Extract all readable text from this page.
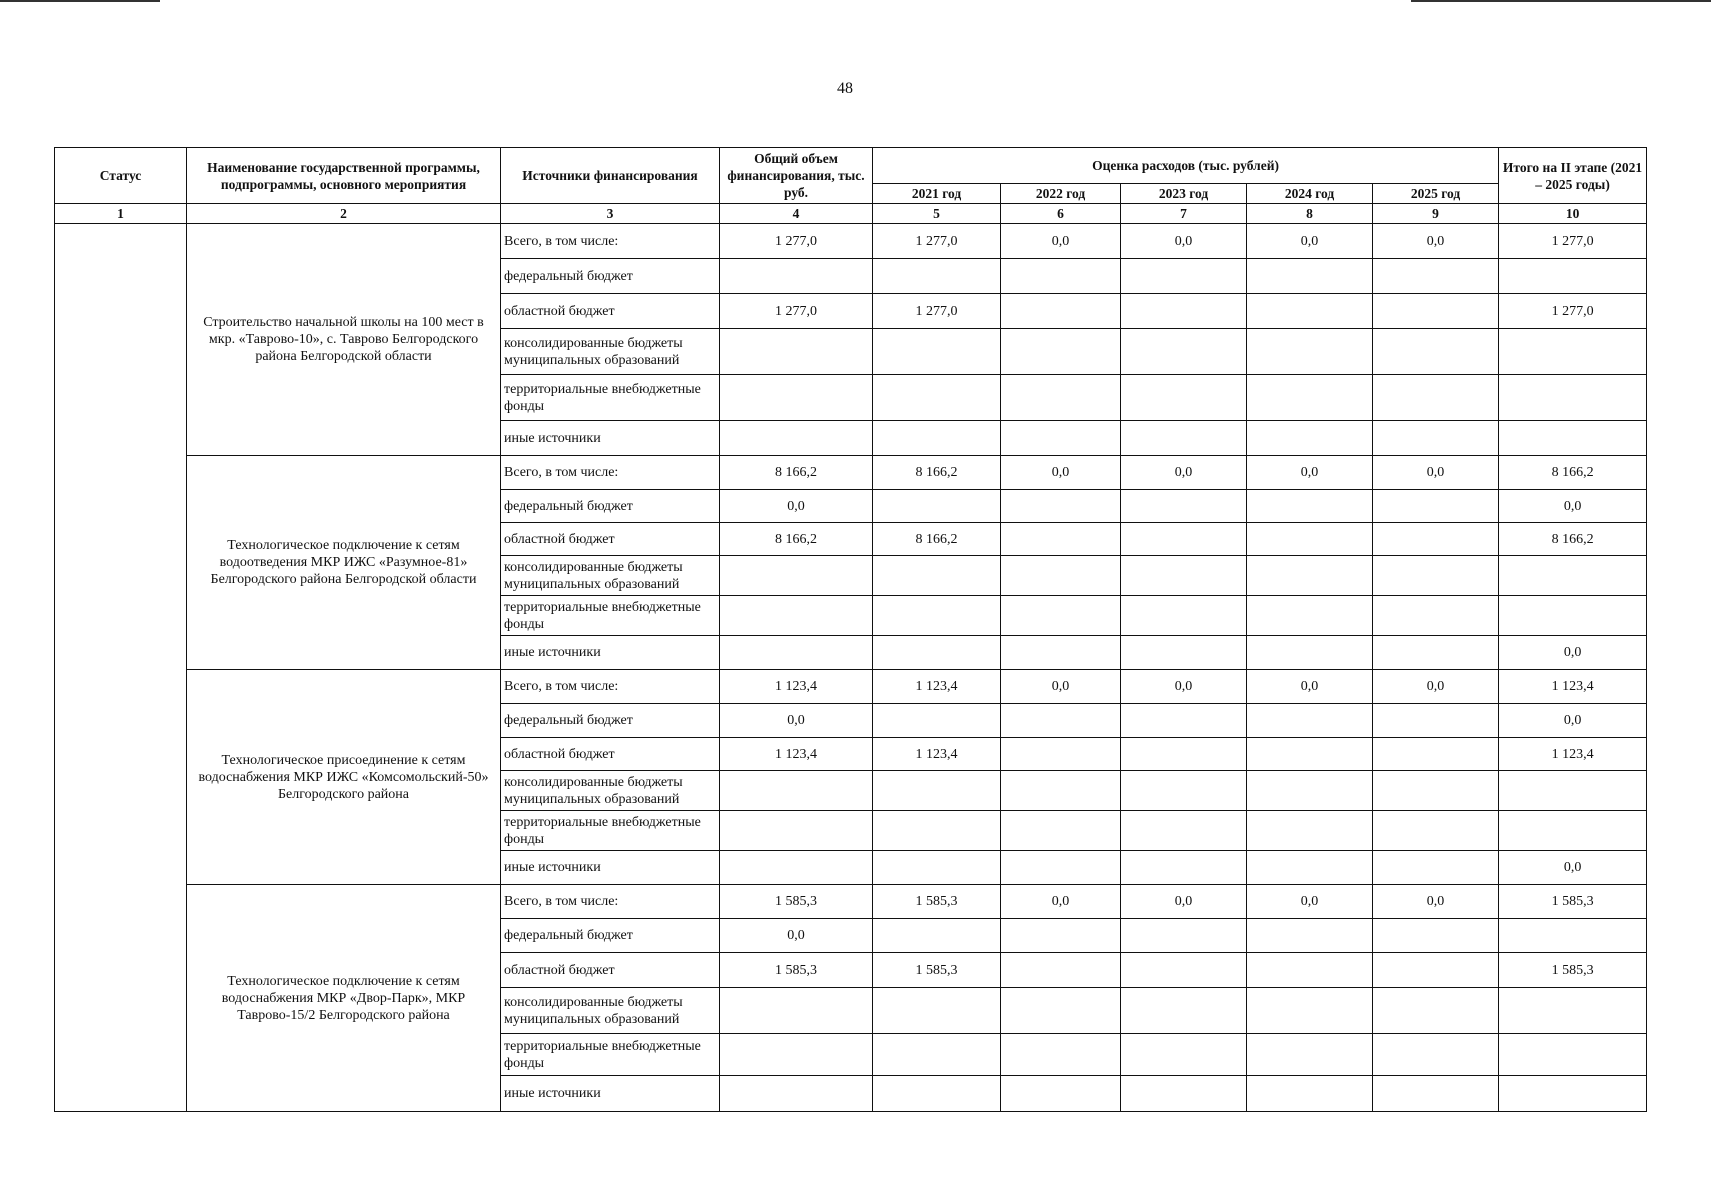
48
Статус	Наименование государственной программы, подпрограммы, основного мероприятия	Источники финансирования	Общий объем финансирования, тыс. руб.	Оценка расходов (тыс. рублей)					Итого на II этапе (2021 – 2025 годы)
				2021 год	2022 год	2023 год	2024 год	2025 год	
1	2	3	4	5	6	7	8	9	10
	Строительство начальной школы на 100 мест в мкр. «Таврово-10», с. Таврово Белгородского района Белгородской области	Всего, в том числе:	1 277,0	1 277,0	0,0	0,0	0,0	0,0	1 277,0
		федеральный бюджет							
		областной бюджет	1 277,0	1 277,0					1 277,0
		консолидированные бюджеты муниципальных образований							
		территориальные внебюджетные фонды							
		иные источники							
	Технологическое подключение к сетям водоотведения МКР ИЖС «Разумное-81» Белгородского района Белгородской области	Всего, в том числе:	8 166,2	8 166,2	0,0	0,0	0,0	0,0	8 166,2
		федеральный бюджет	0,0						0,0
		областной бюджет	8 166,2	8 166,2					8 166,2
		консолидированные бюджеты муниципальных образований							
		территориальные внебюджетные фонды							
		иные источники							0,0
	Технологическое присоединение к сетям водоснабжения МКР ИЖС «Комсомольский-50» Белгородского района	Всего, в том числе:	1 123,4	1 123,4	0,0	0,0	0,0	0,0	1 123,4
		федеральный бюджет	0,0						0,0
		областной бюджет	1 123,4	1 123,4					1 123,4
		консолидированные бюджеты муниципальных образований							
		территориальные внебюджетные фонды							
		иные источники							0,0
	Технологическое подключение к сетям водоснабжения МКР «Двор-Парк», МКР Таврово-15/2 Белгородского района	Всего, в том числе:	1 585,3	1 585,3	0,0	0,0	0,0	0,0	1 585,3
		федеральный бюджет	0,0						
		областной бюджет	1 585,3	1 585,3					1 585,3
		консолидированные бюджеты муниципальных образований							
		территориальные внебюджетные фонды							
		иные источники							
